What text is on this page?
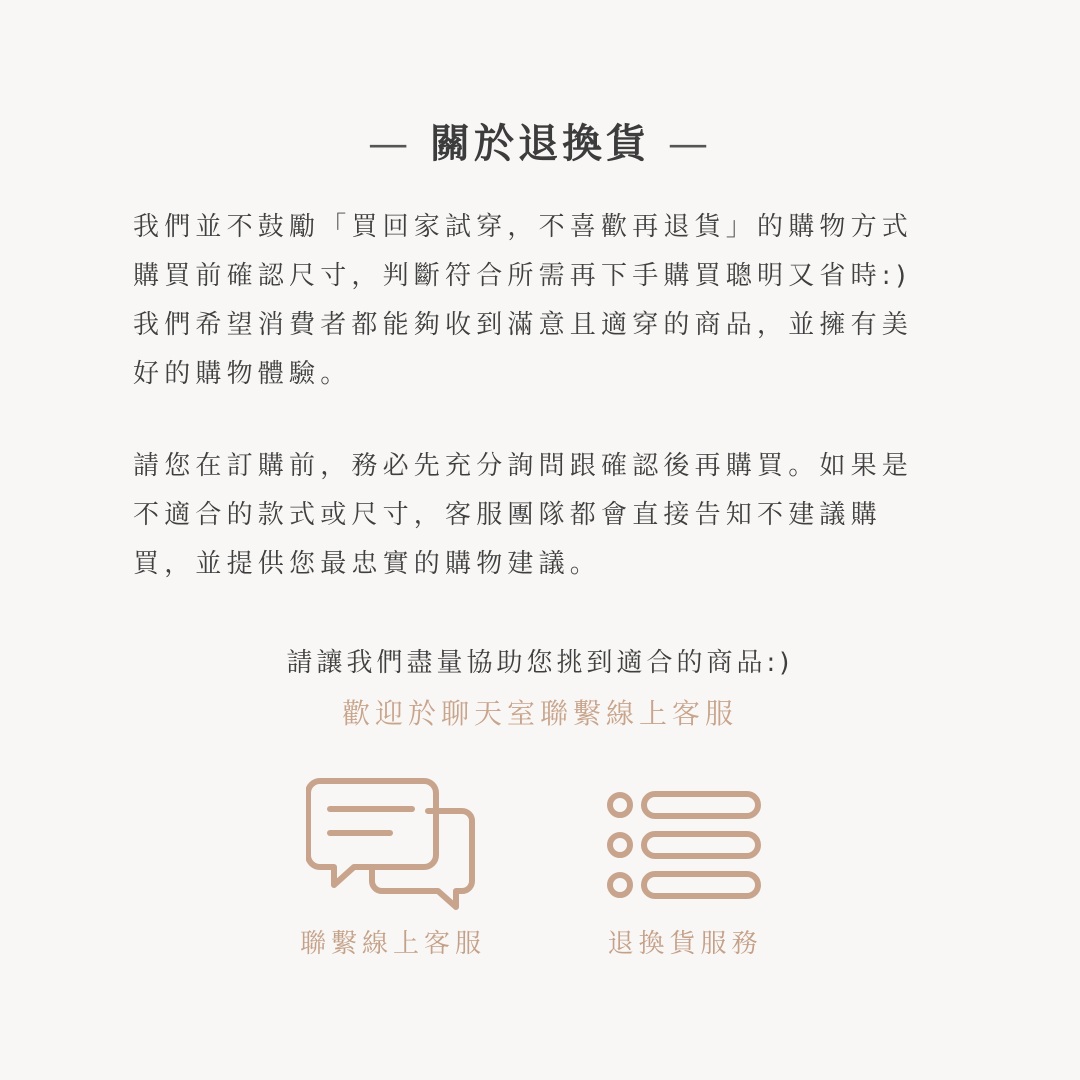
— 關於退換貨 —
我們並不鼓勵「買回家試穿，不喜歡再退貨」的購物方式
購買前確認尺寸，判斷符合所需再下手購買聰明又省時:)
我們希望消費者都能夠收到滿意且適穿的商品，並擁有美
好的購物體驗。
請您在訂購前，務必先充分詢問跟確認後再購買。如果是
不適合的款式或尺寸，客服團隊都會直接告知不建議購
買，並提供您最忠實的購物建議。
請讓我們盡量協助您挑到適合的商品:)
歡迎於聊天室聯繫線上客服
聯繫線上客服	退換貨服務
